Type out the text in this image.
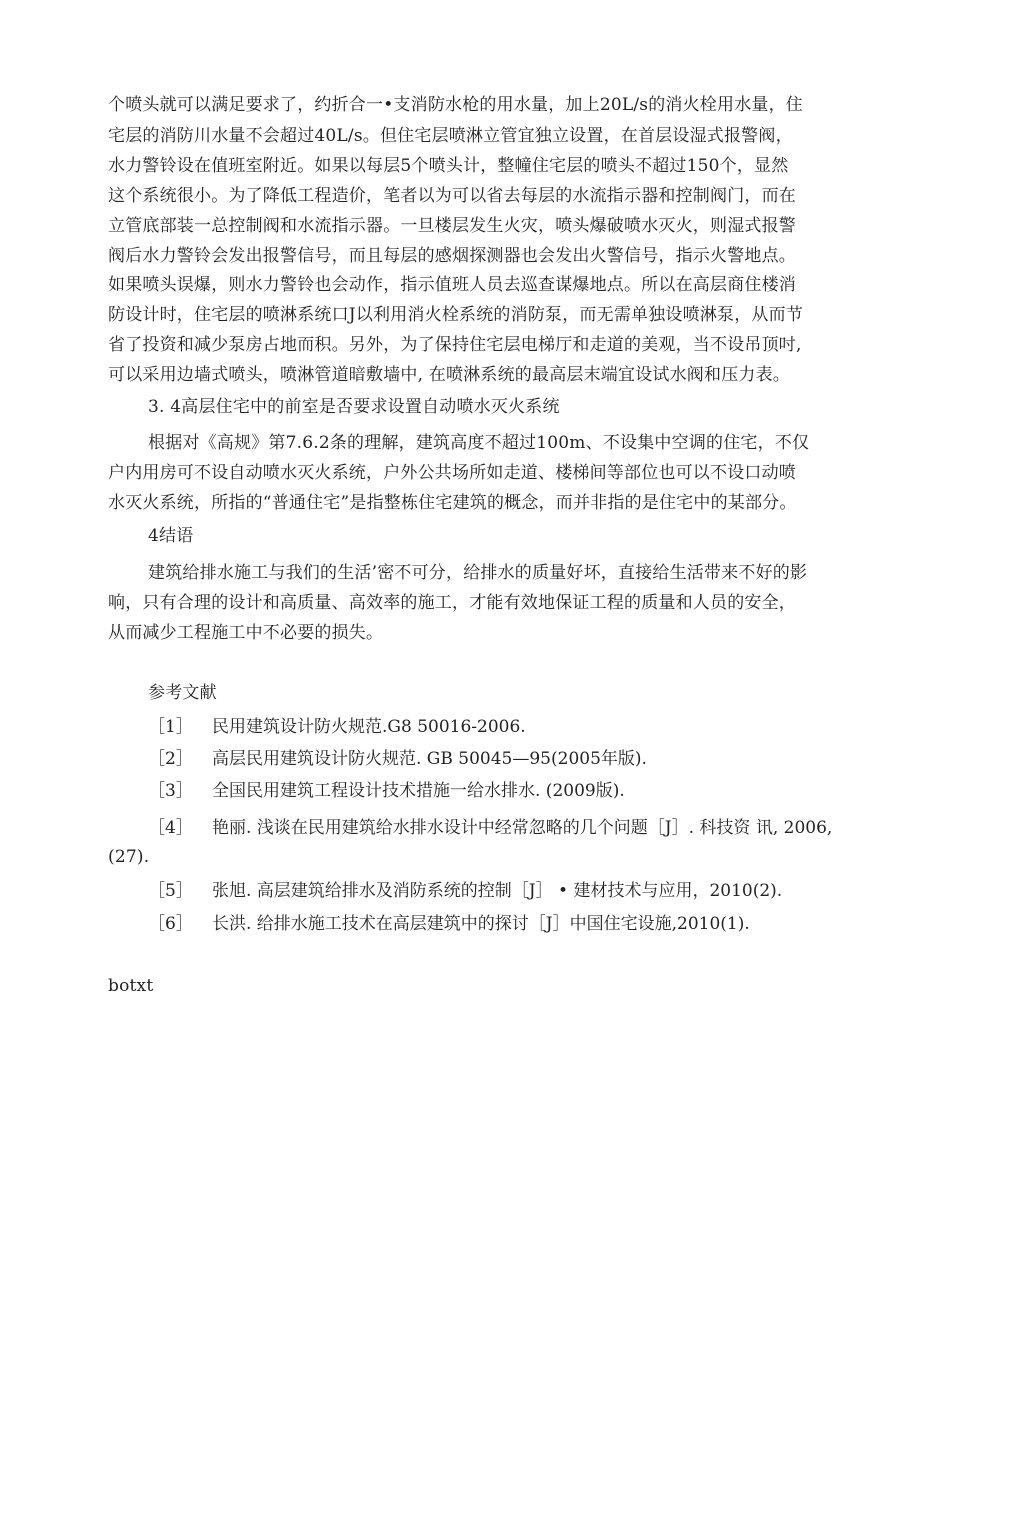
个喷头就可以满足要求了，约折合一•支消防水枪的用水量，加上20L/s的消火栓用水量，住
宅层的消防川水量不会超过40L/s。但住宅层喷淋立管宜独立设置，在首层设湿式报警阀，
水力警铃设在值班室附近。如果以每层5个喷头计，整幢住宅层的喷头不超过150个，显然
这个系统很小。为了降低工程造价，笔者以为可以省去每层的水流指示器和控制阀门，而在
立管底部装一总控制阀和水流指示器。一旦楼层发生火灾，喷头爆破喷水灭火，则湿式报警
阀后水力警铃会发出报警信号，而且每层的感烟探测器也会发出火警信号，指示火警地点。
如果喷头误爆，则水力警铃也会动作，指示值班人员去巡查谋爆地点。所以在高层商住楼消
防设计时，住宅层的喷淋系统口J以利用消火栓系统的消防泵，而无需单独设喷淋泵，从而节
省了投资和减少泵房占地而积。另外，为了保持住宅层电梯厅和走道的美观，当不设吊顶吋,
可以采用边墙式喷头，喷淋管道暗敷墙中, 在喷淋系统的最高层末端宜设试水阀和压力表。
3. 4高层住宅中的前室是否要求设置自动喷水灭火系统
根据对《高规》第7.6.2条的理解，建筑高度不超过100m、不设集中空调的住宅，不仅
户内用房可不设自动喷水灭火系统，户外公共场所如走道、楼梯间等部位也可以不设口动喷
水灭火系统，所指的“普通住宅”是指整栋住宅建筑的概念，而并非指的是住宅中的某部分。
4结语
建筑给排水施工与我们的生活’密不可分，给排水的质量好坏，直接给生活带来不好的影
响，只有合理的设计和高质量、高效率的施工，才能有效地保证工程的质量和人员的安全，
从而减少工程施工中不必要的损失。
参考文献
［1］ 民用建筑设计防火规范.G8 50016-2006.
［2］ 高层民用建筑设计防火规范. GB 50045—95(2005年版).
［3］ 全国民用建筑工程设计技术措施一给水排水. (2009版).
［4］ 艳丽. 浅谈在民用建筑给水排水设计中经常忽略的几个问题［J］. 科技资 讯, 2006,
(27).
［5］ 张旭. 高层建筑给排水及消防系统的控制［J］ • 建材技术与应用，2010(2).
［6］ 长洪. 给排水施工技术在高层建筑中的探讨［J］中国住宅设施,2010(1).
botxt
